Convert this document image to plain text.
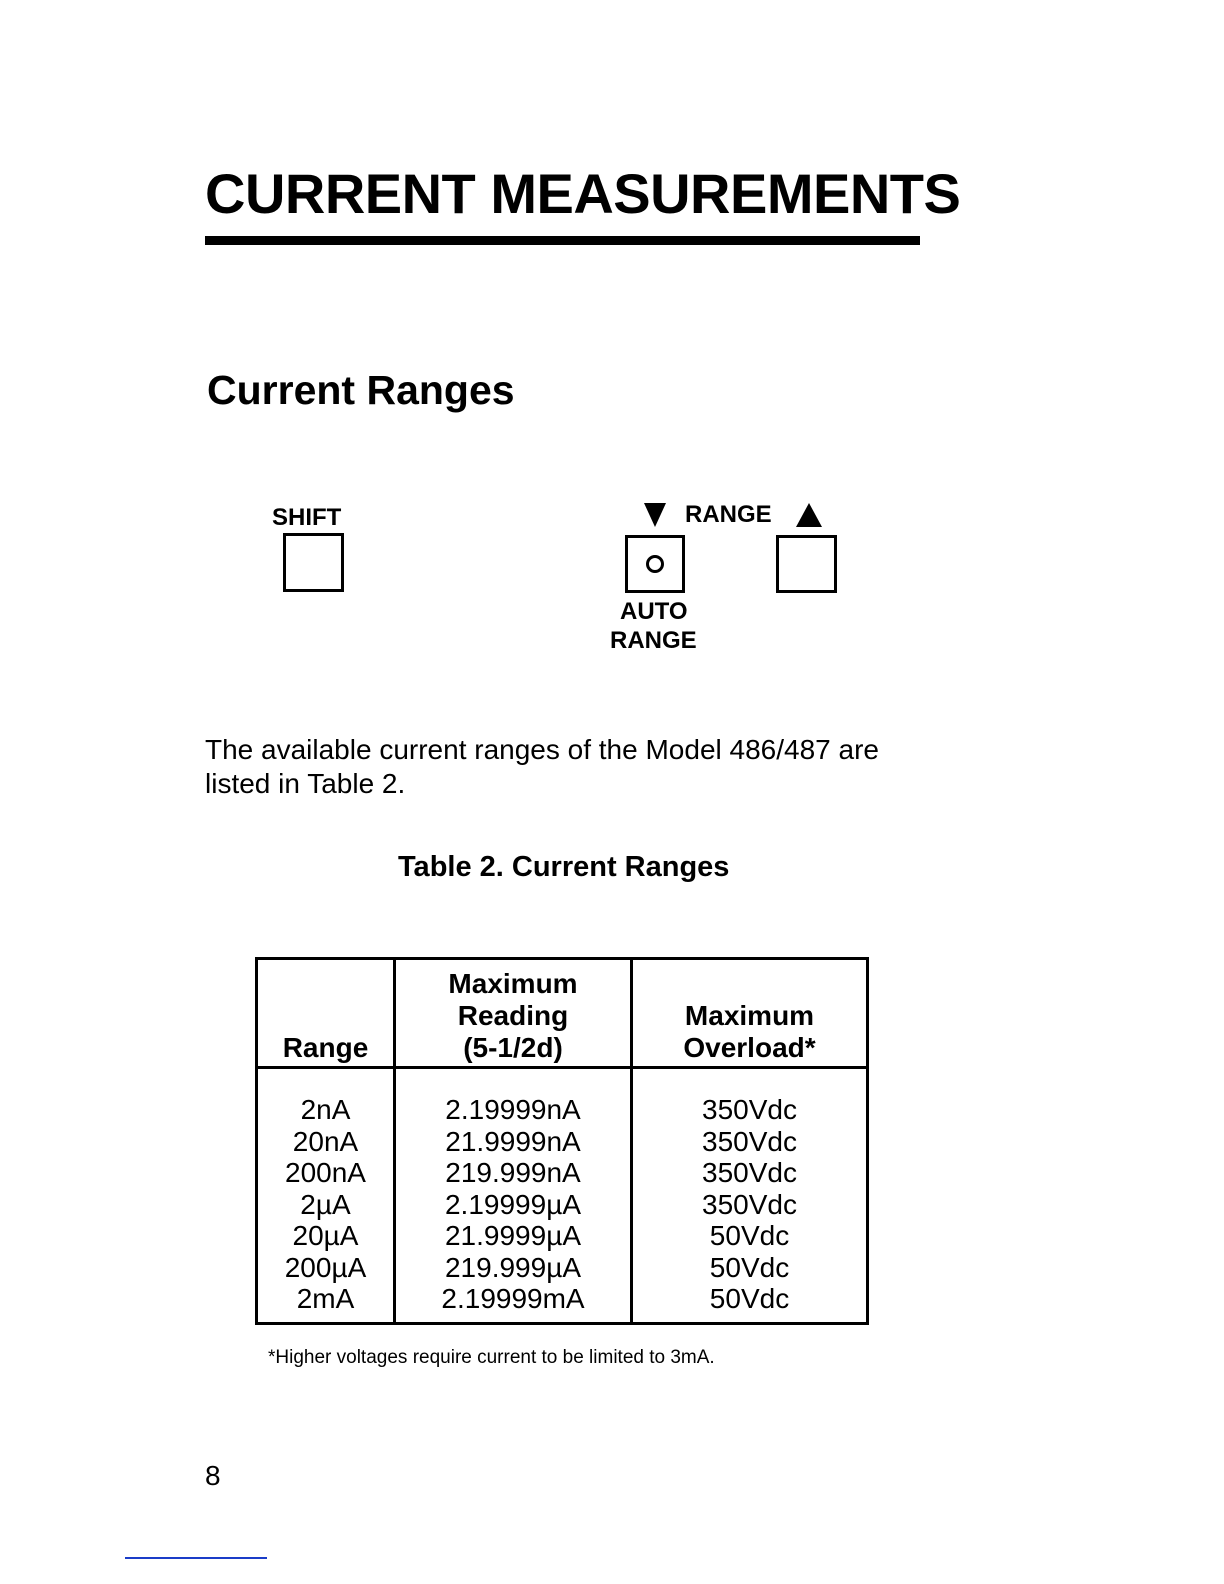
CURRENT MEASUREMENTS
Current Ranges
SHIFT	RANGE
AUTO
RANGE

The available current ranges of the Model 486/487 are listed in Table 2.

Table 2. Current Ranges
Range
Maximum
Reading
(5-1/2d)
Maximum
Overload*
2nA
20nA
200nA
2µA
20µA
200µA
2mA
2.19999nA
21.9999nA
219.999nA
2.19999µA
21.9999µA
219.999µA
2.19999mA
350Vdc
350Vdc
350Vdc
350Vdc
50Vdc
50Vdc
50Vdc
*Higher voltages require current to be limited to 3mA.
8
